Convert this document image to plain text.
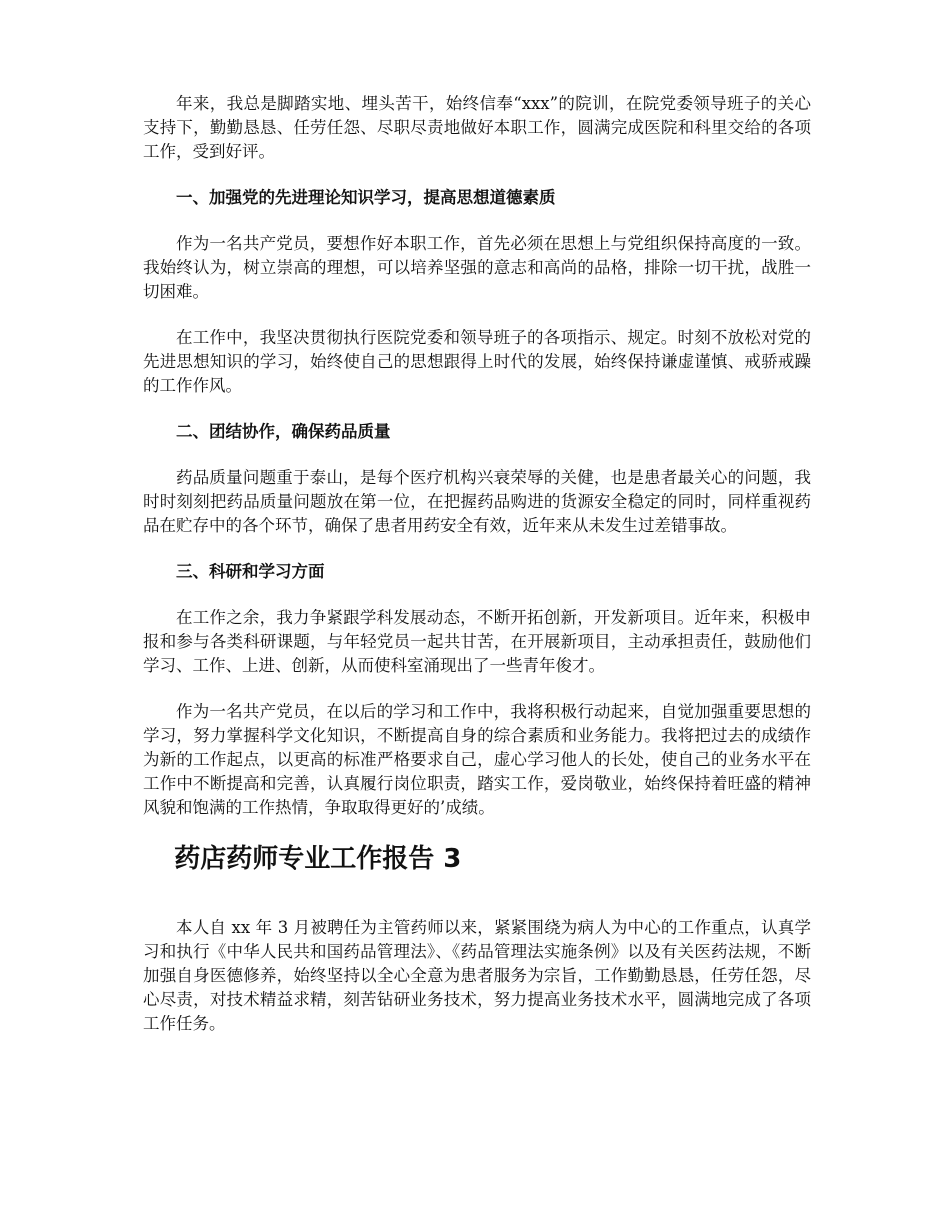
年来，我总是脚踏实地、埋头苦干，始终信奉“xxx”的院训，在院党委领导班子的关心支持下，勤勤恳恳、任劳任怨、尽职尽责地做好本职工作，圆满完成医院和科里交给的各项工作，受到好评。

一、加强党的先进理论知识学习，提高思想道德素质

作为一名共产党员，要想作好本职工作，首先必须在思想上与党组织保持高度的一致。我始终认为，树立崇高的理想，可以培养坚强的意志和高尚的品格，排除一切干扰，战胜一切困难。

在工作中，我坚决贯彻执行医院党委和领导班子的各项指示、规定。时刻不放松对党的先进思想知识的学习，始终使自己的思想跟得上时代的发展，始终保持谦虚谨慎、戒骄戒躁的工作作风。

二、团结协作，确保药品质量

药品质量问题重于泰山，是每个医疗机构兴衰荣辱的关健，也是患者最关心的问题，我时时刻刻把药品质量问题放在第一位，在把握药品购进的货源安全稳定的同时，同样重视药品在贮存中的各个环节，确保了患者用药安全有效，近年来从未发生过差错事故。

三、科研和学习方面

在工作之余，我力争紧跟学科发展动态，不断开拓创新，开发新项目。近年来，积极申报和参与各类科研课题，与年轻党员一起共甘苦，在开展新项目，主动承担责任，鼓励他们学习、工作、上进、创新，从而使科室涌现出了一些青年俊才。

作为一名共产党员，在以后的学习和工作中，我将积极行动起来，自觉加强重要思想的学习，努力掌握科学文化知识，不断提高自身的综合素质和业务能力。我将把过去的成绩作为新的工作起点，以更高的标准严格要求自己，虚心学习他人的长处，使自己的业务水平在工作中不断提高和完善，认真履行岗位职责，踏实工作，爱岗敬业，始终保持着旺盛的精神风貌和饱满的工作热情，争取取得更好的’成绩。

药店药师专业工作报告 3

本人自 xx 年 3 月被聘任为主管药师以来，紧紧围绕为病人为中心的工作重点，认真学习和执行《中华人民共和国药品管理法》、《药品管理法实施条例》以及有关医药法规，不断加强自身医德修养，始终坚持以全心全意为患者服务为宗旨，工作勤勤恳恳，任劳任怨，尽心尽责，对技术精益求精，刻苦钻研业务技术，努力提高业务技术水平，圆满地完成了各项工作任务。
